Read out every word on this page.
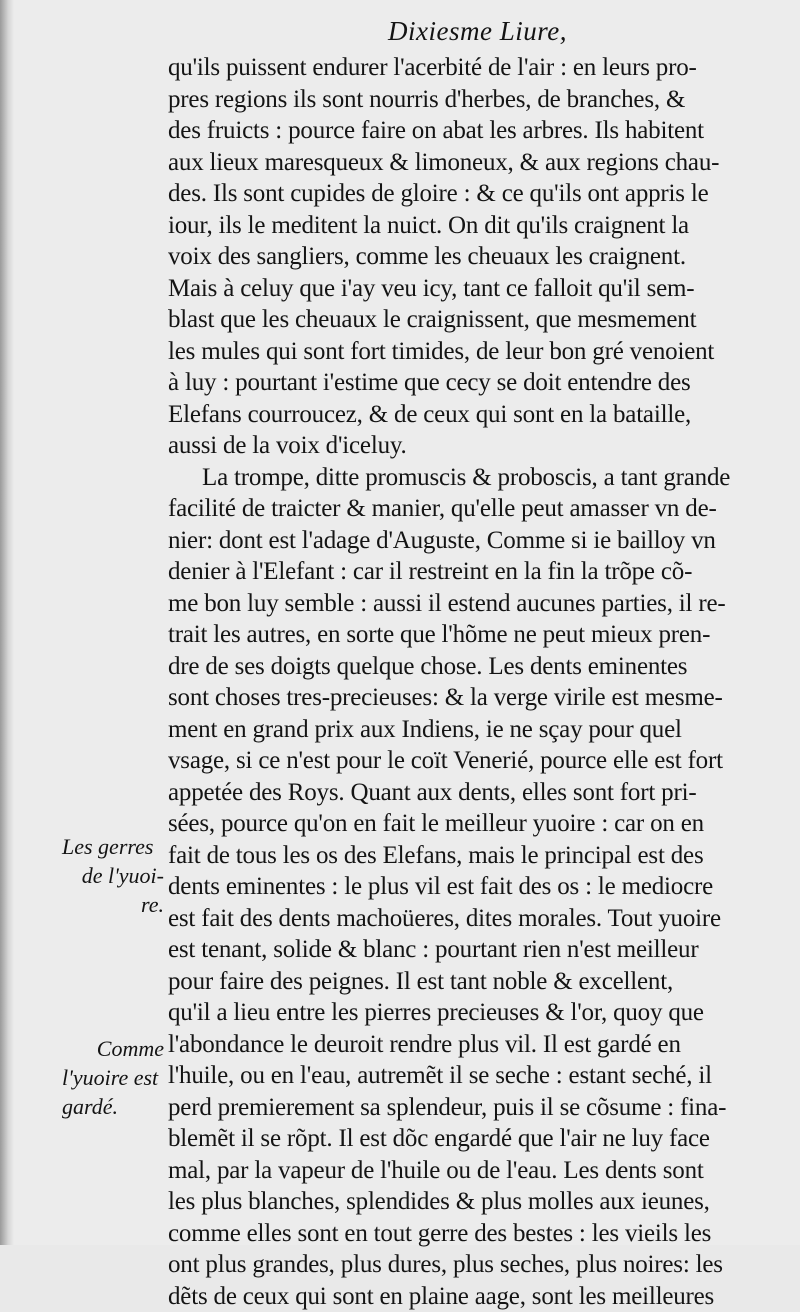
Dixiesme Liure,
qu'ils puissent endurer l'acerbité de l'air : en leurs pro-
pres regions ils sont nourris d'herbes, de branches, &
des fruicts : pource faire on abat les arbres. Ils habitent
aux lieux maresqueux & limoneux, & aux regions chau-
des. Ils sont cupides de gloire : & ce qu'ils ont appris le
iour, ils le meditent la nuict. On dit qu'ils craignent la
voix des sangliers, comme les cheuaux les craignent.
Mais à celuy que i'ay veu icy, tant ce falloit qu'il sem-
blast que les cheuaux le craignissent, que mesmement
les mules qui sont fort timides, de leur bon gré venoient
à luy : pourtant i'estime que cecy se doit entendre des
Elefans courroucez, & de ceux qui sont en la bataille,
aussi de la voix d'iceluy.
La trompe, ditte promuscis & proboscis, a tant grande
facilité de traicter & manier, qu'elle peut amasser vn de-
nier: dont est l'adage d'Auguste, Comme si ie bailloy vn
denier à l'Elefant : car il restreint en la fin la trõpe cõ-
me bon luy semble : aussi il estend aucunes parties, il re-
trait les autres, en sorte que l'hõme ne peut mieux pren-
dre de ses doigts quelque chose. Les dents eminentes
sont choses tres-precieuses: & la verge virile est mesme-
ment en grand prix aux Indiens, ie ne sçay pour quel
vsage, si ce n'est pour le coït Venerié, pource elle est fort
appetée des Roys. Quant aux dents, elles sont fort pri-
sées, pource qu'on en fait le meilleur yuoire : car on en
fait de tous les os des Elefans, mais le principal est des
dents eminentes : le plus vil est fait des os : le mediocre
est fait des dents machoüeres, dites morales. Tout yuoire
est tenant, solide & blanc : pourtant rien n'est meilleur
pour faire des peignes. Il est tant noble & excellent,
qu'il a lieu entre les pierres precieuses & l'or, quoy que
l'abondance le deuroit rendre plus vil. Il est gardé en
l'huile, ou en l'eau, autremẽt il se seche : estant seché, il
perd premierement sa splendeur, puis il se cõsume : fina-
blemẽt il se rõpt. Il est dõc engardé que l'air ne luy face
mal, par la vapeur de l'huile ou de l'eau. Les dents sont
les plus blanches, splendides & plus molles aux ieunes,
comme elles sont en tout gerre des bestes : les vieils les
ont plus grandes, plus dures, plus seches, plus noires: les
dẽts de ceux qui sont en plaine aage, sont les meilleures
Les gerres
de l'yuoi-
re.
Comme
l'yuoire est
gardé.
